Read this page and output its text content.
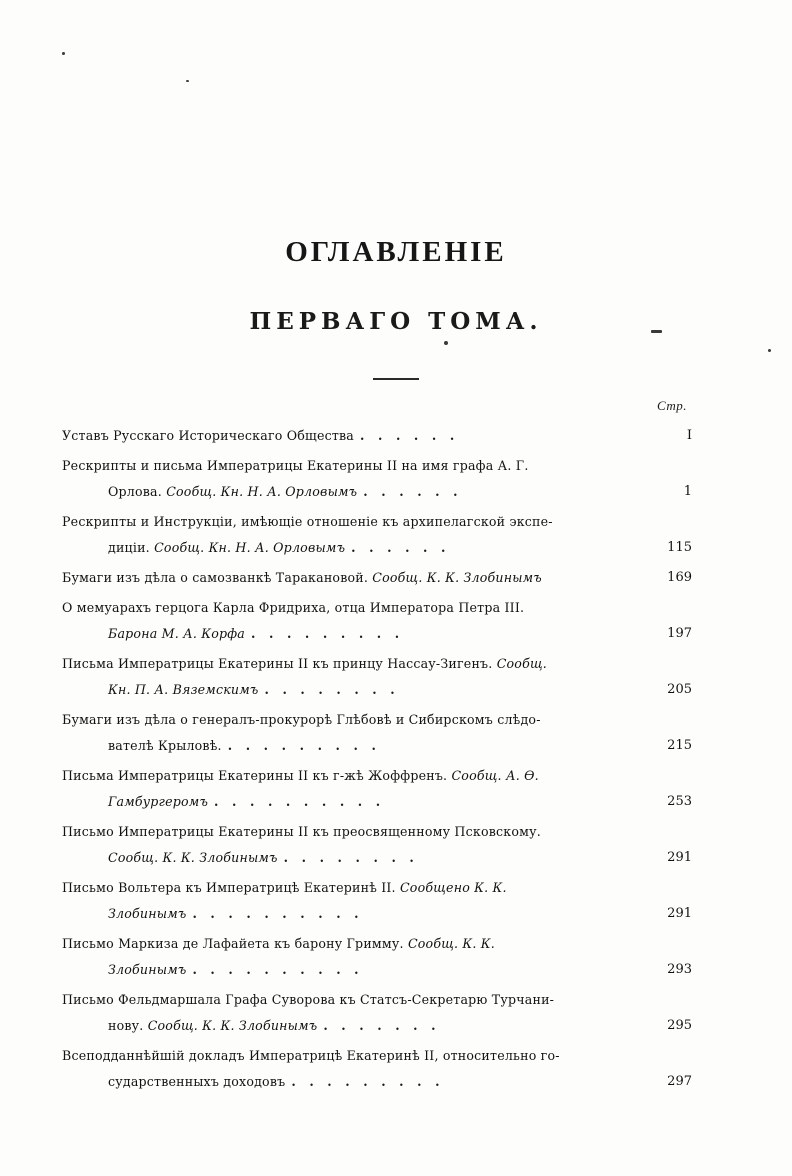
ОГЛАВЛЕНІЕ
ПЕРВАГО ТОМА.
Стр.
Уставъ Русскаго Историческаго Общества . . . . . .	I
Рескрипты и письма Императрицы Екатерины II на имя графа А. Г.
Орлова. Сообщ. Кн. Н. А. Орловымъ . . . . . .	1
Рескрипты и Инструкціи, имѣющіе отношеніе къ архипелагской экспе-
диціи. Сообщ. Кн. Н. А. Орловымъ . . . . . .	115
Бумаги изъ дѣла о самозванкѣ Таракановой. Сообщ. К. К. Злобинымъ	169
О мемуарахъ герцога Карла Фридриха, отца Императора Петра III.
Барона М. А. Корфа . . . . . . . . .	197
Письма Императрицы Екатерины II къ принцу Нассау-Зигенъ. Сообщ.
Кн. П. А. Вяземскимъ . . . . . . . .	205
Бумаги изъ дѣла о генералъ-прокурорѣ Глѣбовѣ и Сибирскомъ слѣдо-
вателѣ Крыловѣ. . . . . . . . . .	215
Письма Императрицы Екатерины II къ г-жѣ Жоффренъ. Сообщ. А. Ѳ.
Гамбургеромъ . . . . . . . . . .	253
Письмо Императрицы Екатерины II къ преосвященному Псковскому.
Сообщ. К. К. Злобинымъ . . . . . . . .	291
Письмо Вольтера къ Императрицѣ Екатеринѣ II. Сообщено К. К.
Злобинымъ . . . . . . . . . .	291
Письмо Маркиза де Лафайета къ барону Гримму. Сообщ. К. К.
Злобинымъ . . . . . . . . . .	293
Письмо Фельдмаршала Графа Суворова къ Статсъ-Секретарю Турчани-
нову. Сообщ. К. К. Злобинымъ . . . . . . .	295
Всеподданнѣйшій докладъ Императрицѣ Екатеринѣ II, относительно го-
сударственныхъ доходовъ . . . . . . . . .	297
